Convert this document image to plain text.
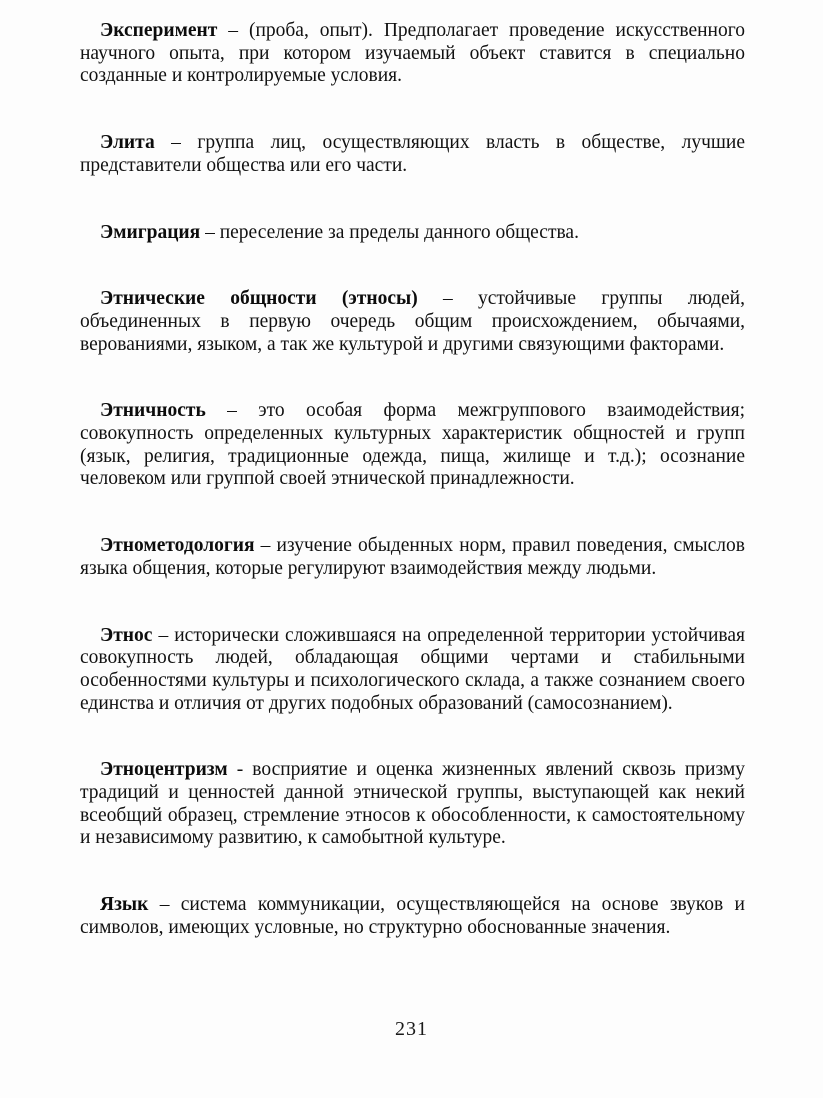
Эксперимент – (проба, опыт). Предполагает проведение искусственного научного опыта, при котором изучаемый объект ставится в специально созданные и контролируемые условия.

Элита – группа лиц, осуществляющих власть в обществе, лучшие представители общества или его части.

Эмиграция – переселение за пределы данного общества.

Этнические общности (этносы) – устойчивые группы людей, объединенных в первую очередь общим происхождением, обычаями, верованиями, языком, а так же культурой и другими связующими факторами.

Этничность – это особая форма межгруппового взаимодействия; совокупность определенных культурных характеристик общностей и групп (язык, религия, традиционные одежда, пища, жилище и т.д.); осознание человеком или группой своей этнической принадлежности.

Этнометодология – изучение обыденных норм, правил поведения, смыслов языка общения, которые регулируют взаимодействия между людьми.

Этнос – исторически сложившаяся на определенной территории устойчивая совокупность людей, обладающая общими чертами и стабильными особенностями культуры и психологического склада, а также сознанием своего единства и отличия от других подобных образований (самосознанием).

Этноцентризм - восприятие и оценка жизненных явлений сквозь призму традиций и ценностей данной этнической группы, выступающей как некий всеобщий образец, стремление этносов к обособленности, к самостоятельному и независимому развитию, к самобытной культуре.

Язык – система коммуникации, осуществляющейся на основе звуков и символов, имеющих условные, но структурно обоснованные значения.

231
